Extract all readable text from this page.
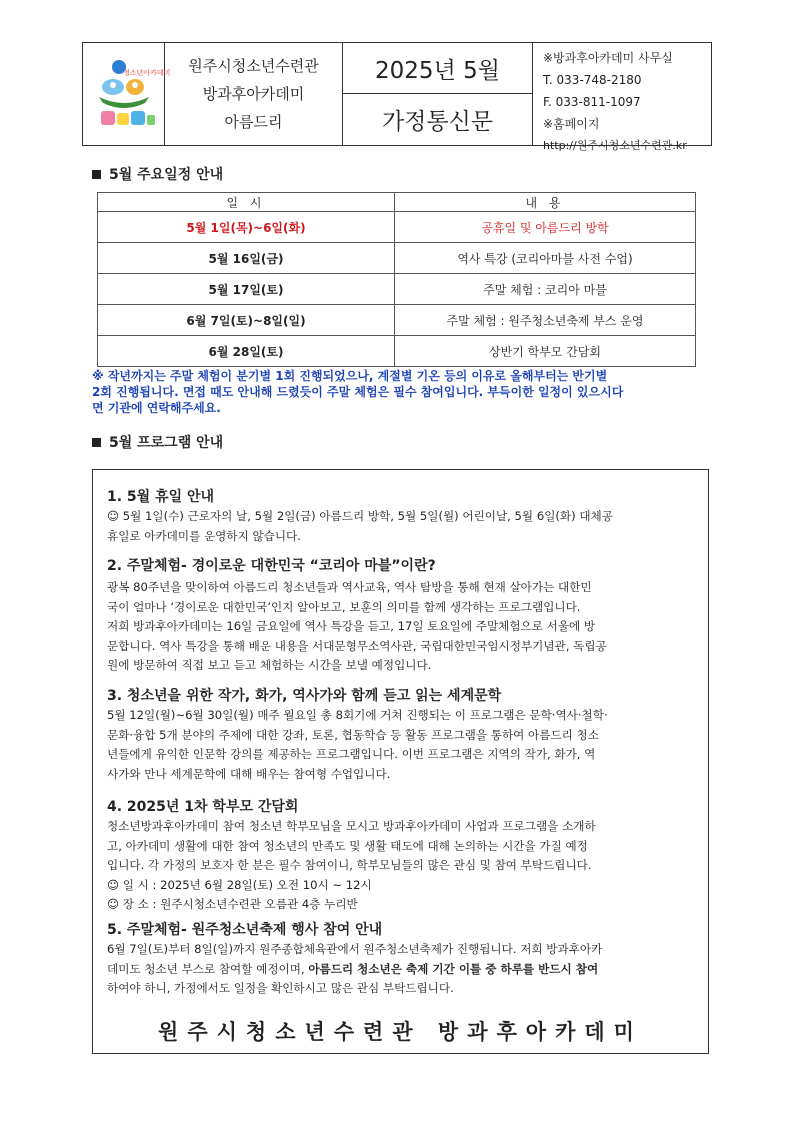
청소년아카데미 원주시청소년수련관
방과후아카데미
아름드리
2025년 5월
가정통신문
※방과후아카데미 사무실
T. 033-748-2180
F. 033-811-1097
※홈페이지
http://원주시청소년수련관.kr
5월 주요일정 안내
일 시	내 용
5월 1일(목)~6일(화)	공휴일 및 아름드리 방학
5월 16일(금)	역사 특강 (코리아마블 사전 수업)
5월 17일(토)	주말 체험 : 코리아 마블
6월 7일(토)~8일(일)	주말 체험 : 원주청소년축제 부스 운영
6월 28일(토)	상반기 학부모 간담회
※ 작년까지는 주말 체험이 분기별 1회 진행되었으나, 계절별 기온 등의 이유로 올해부터는 반기별
2회 진행됩니다. 면접 때도 안내해 드렸듯이 주말 체험은 필수 참여입니다. 부득이한 일정이 있으시다
면 기관에 연락해주세요.
5월 프로그램 안내
1. 5월 휴일 안내

☺ 5월 1일(수) 근로자의 날, 5월 2일(금) 아름드리 방학, 5월 5일(월) 어린이날, 5월 6일(화) 대체공

휴일로 아카데미를 운영하지 않습니다.

2. 주말체험- 경이로운 대한민국 “코리아 마블”이란?

광복 80주년을 맞이하여 아름드리 청소년들과 역사교육, 역사 탐방을 통해 현재 살아가는 대한민

국이 얼마나 ‘경이로운 대한민국’인지 알아보고, 보훈의 의미를 함께 생각하는 프로그램입니다.

저희 방과후아카데미는 16일 금요일에 역사 특강을 듣고, 17일 토요일에 주말체험으로 서울에 방

문합니다. 역사 특강을 통해 배운 내용을 서대문형무소역사관, 국립대한민국임시정부기념관, 독립공

원에 방문하여 직접 보고 듣고 체험하는 시간을 보낼 예정입니다.

3. 청소년을 위한 작가, 화가, 역사가와 함께 듣고 읽는 세계문학

5월 12일(월)~6월 30일(월) 매주 월요일 총 8회기에 거쳐 진행되는 이 프로그램은 문학·역사·철학·

문화·융합 5개 분야의 주제에 대한 강좌, 토론, 협동학습 등 활동 프로그램을 통하여 아름드리 청소

년들에게 유익한 인문학 강의를 제공하는 프로그램입니다. 이번 프로그램은 지역의 작가, 화가, 역

사가와 만나 세계문학에 대해 배우는 참여형 수업입니다.

4. 2025년 1차 학부모 간담회

청소년방과후아카데미 참여 청소년 학부모님을 모시고 방과후아카데미 사업과 프로그램을 소개하

고, 아카데미 생활에 대한 참여 청소년의 만족도 및 생활 태도에 대해 논의하는 시간을 가질 예정

입니다. 각 가정의 보호자 한 분은 필수 참여이니, 학부모님들의 많은 관심 및 참여 부탁드립니다.

☺ 일 시 : 2025년 6월 28일(토) 오전 10시 ~ 12시

☺ 장 소 : 원주시청소년수련관 오름관 4층 누리반

5. 주말체험- 원주청소년축제 행사 참여 안내

6월 7일(토)부터 8일(일)까지 원주종합체육관에서 원주청소년축제가 진행됩니다. 저희 방과후아카

데미도 청소년 부스로 참여할 예정이며, 아름드리 청소년은 축제 기간 이틀 중 하루를 반드시 참여

하여야 하니, 가정에서도 일정을 확인하시고 많은 관심 부탁드립니다.

원주시청소년수련관 방과후아카데미
